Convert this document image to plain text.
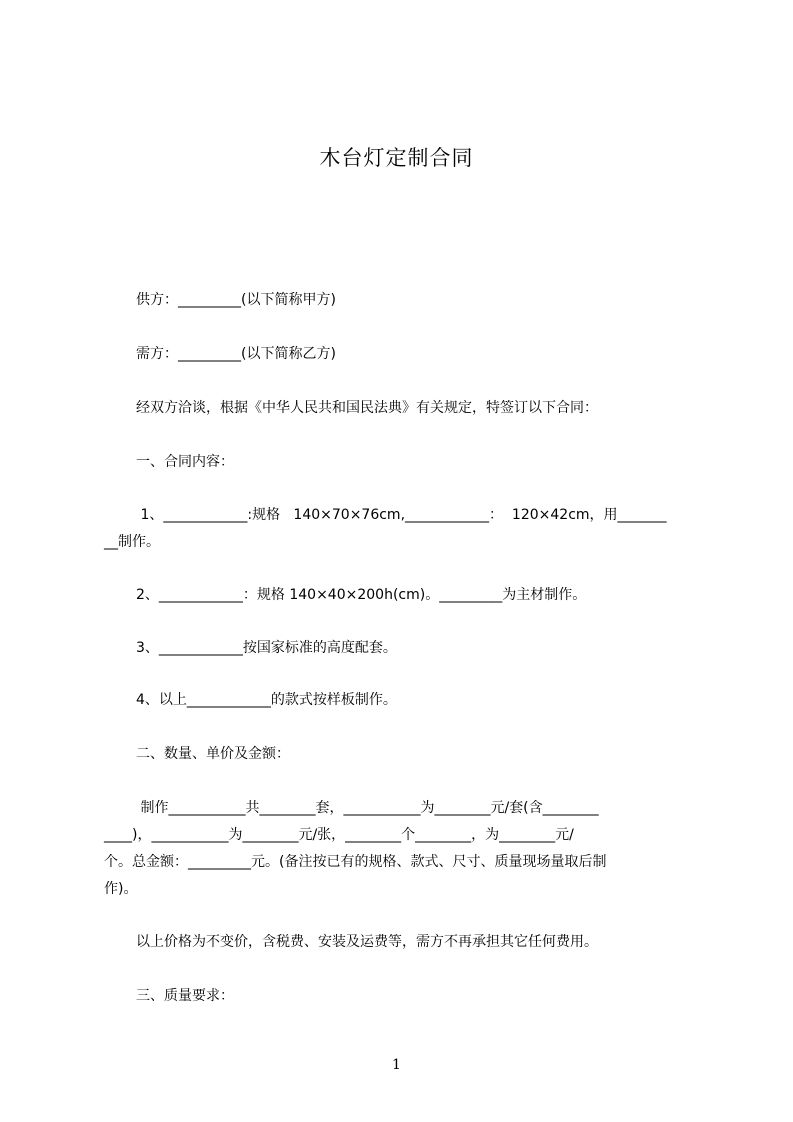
木台灯定制合同
供方：_________(以下简称甲方)
需方：_________(以下简称乙方)
经双方洽谈，根据《中华人民共和国民法典》有关规定，特签订以下合同：
一、合同内容：
1、____________:规格   140×70×76cm,____________：  120×42cm，用_______
__制作。
2、____________：规格 140×40×200h(cm)。_________为主材制作。
3、____________按国家标准的高度配套。
4、以上____________的款式按样板制作。
二、数量、单价及金额：
制作___________共________套，___________为________元/套(含________
____)，___________为________元/张，________个________，为________元/
个。总金额：_________元。(备注按已有的规格、款式、尺寸、质量现场量取后制
作)。
以上价格为不变价，含税费、安装及运费等，需方不再承担其它任何费用。
三、质量要求：
1
